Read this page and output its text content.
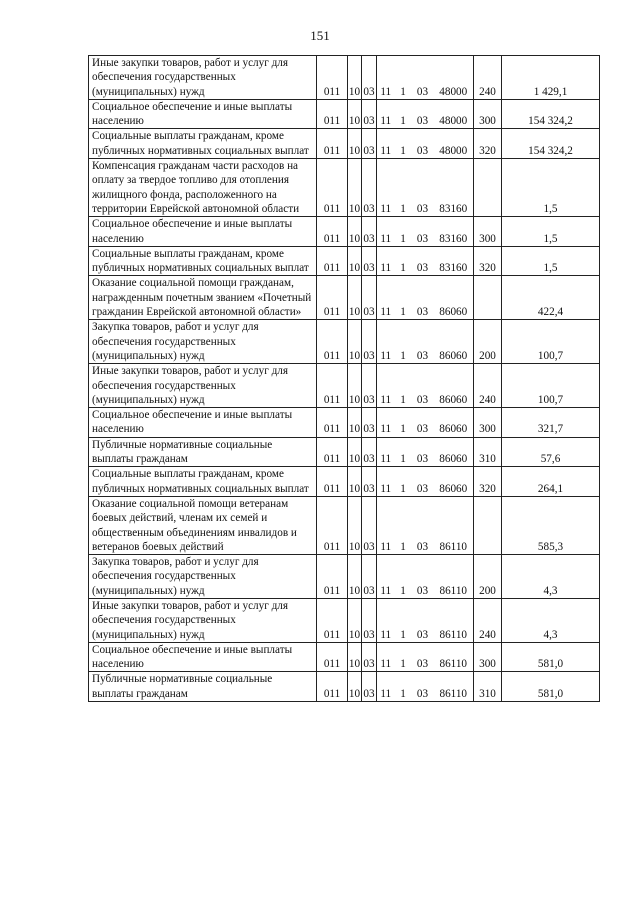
151
Иные закупки товаров, работ и услуг для обеспечения государственных (муниципальных) нужд	011	10	03	11	1	03	48000	240	1 429,1
Социальное обеспечение и иные выплаты населению	011	10	03	11	1	03	48000	300	154 324,2
Социальные выплаты гражданам, кроме публичных нормативных социальных выплат	011	10	03	11	1	03	48000	320	154 324,2
Компенсация гражданам части расходов на оплату за твердое топливо для отопления жилищного фонда, расположенного на территории Еврейской автономной области	011	10	03	11	1	03	83160		1,5
Социальное обеспечение и иные выплаты населению	011	10	03	11	1	03	83160	300	1,5
Социальные выплаты гражданам, кроме публичных нормативных социальных выплат	011	10	03	11	1	03	83160	320	1,5
Оказание социальной помощи гражданам, награжденным почетным званием «Почетный гражданин Еврейской автономной области»	011	10	03	11	1	03	86060		422,4
Закупка товаров, работ и услуг для обеспечения государственных (муниципальных) нужд	011	10	03	11	1	03	86060	200	100,7
Иные закупки товаров, работ и услуг для обеспечения государственных (муниципальных) нужд	011	10	03	11	1	03	86060	240	100,7
Социальное обеспечение и иные выплаты населению	011	10	03	11	1	03	86060	300	321,7
Публичные нормативные социальные выплаты гражданам	011	10	03	11	1	03	86060	310	57,6
Социальные выплаты гражданам, кроме публичных нормативных социальных выплат	011	10	03	11	1	03	86060	320	264,1
Оказание социальной помощи ветеранам боевых действий, членам их семей и общественным объединениям инвалидов и ветеранов боевых действий	011	10	03	11	1	03	86110		585,3
Закупка товаров, работ и услуг для обеспечения государственных (муниципальных) нужд	011	10	03	11	1	03	86110	200	4,3
Иные закупки товаров, работ и услуг для обеспечения государственных (муниципальных) нужд	011	10	03	11	1	03	86110	240	4,3
Социальное обеспечение и иные выплаты населению	011	10	03	11	1	03	86110	300	581,0
Публичные нормативные социальные выплаты гражданам	011	10	03	11	1	03	86110	310	581,0
